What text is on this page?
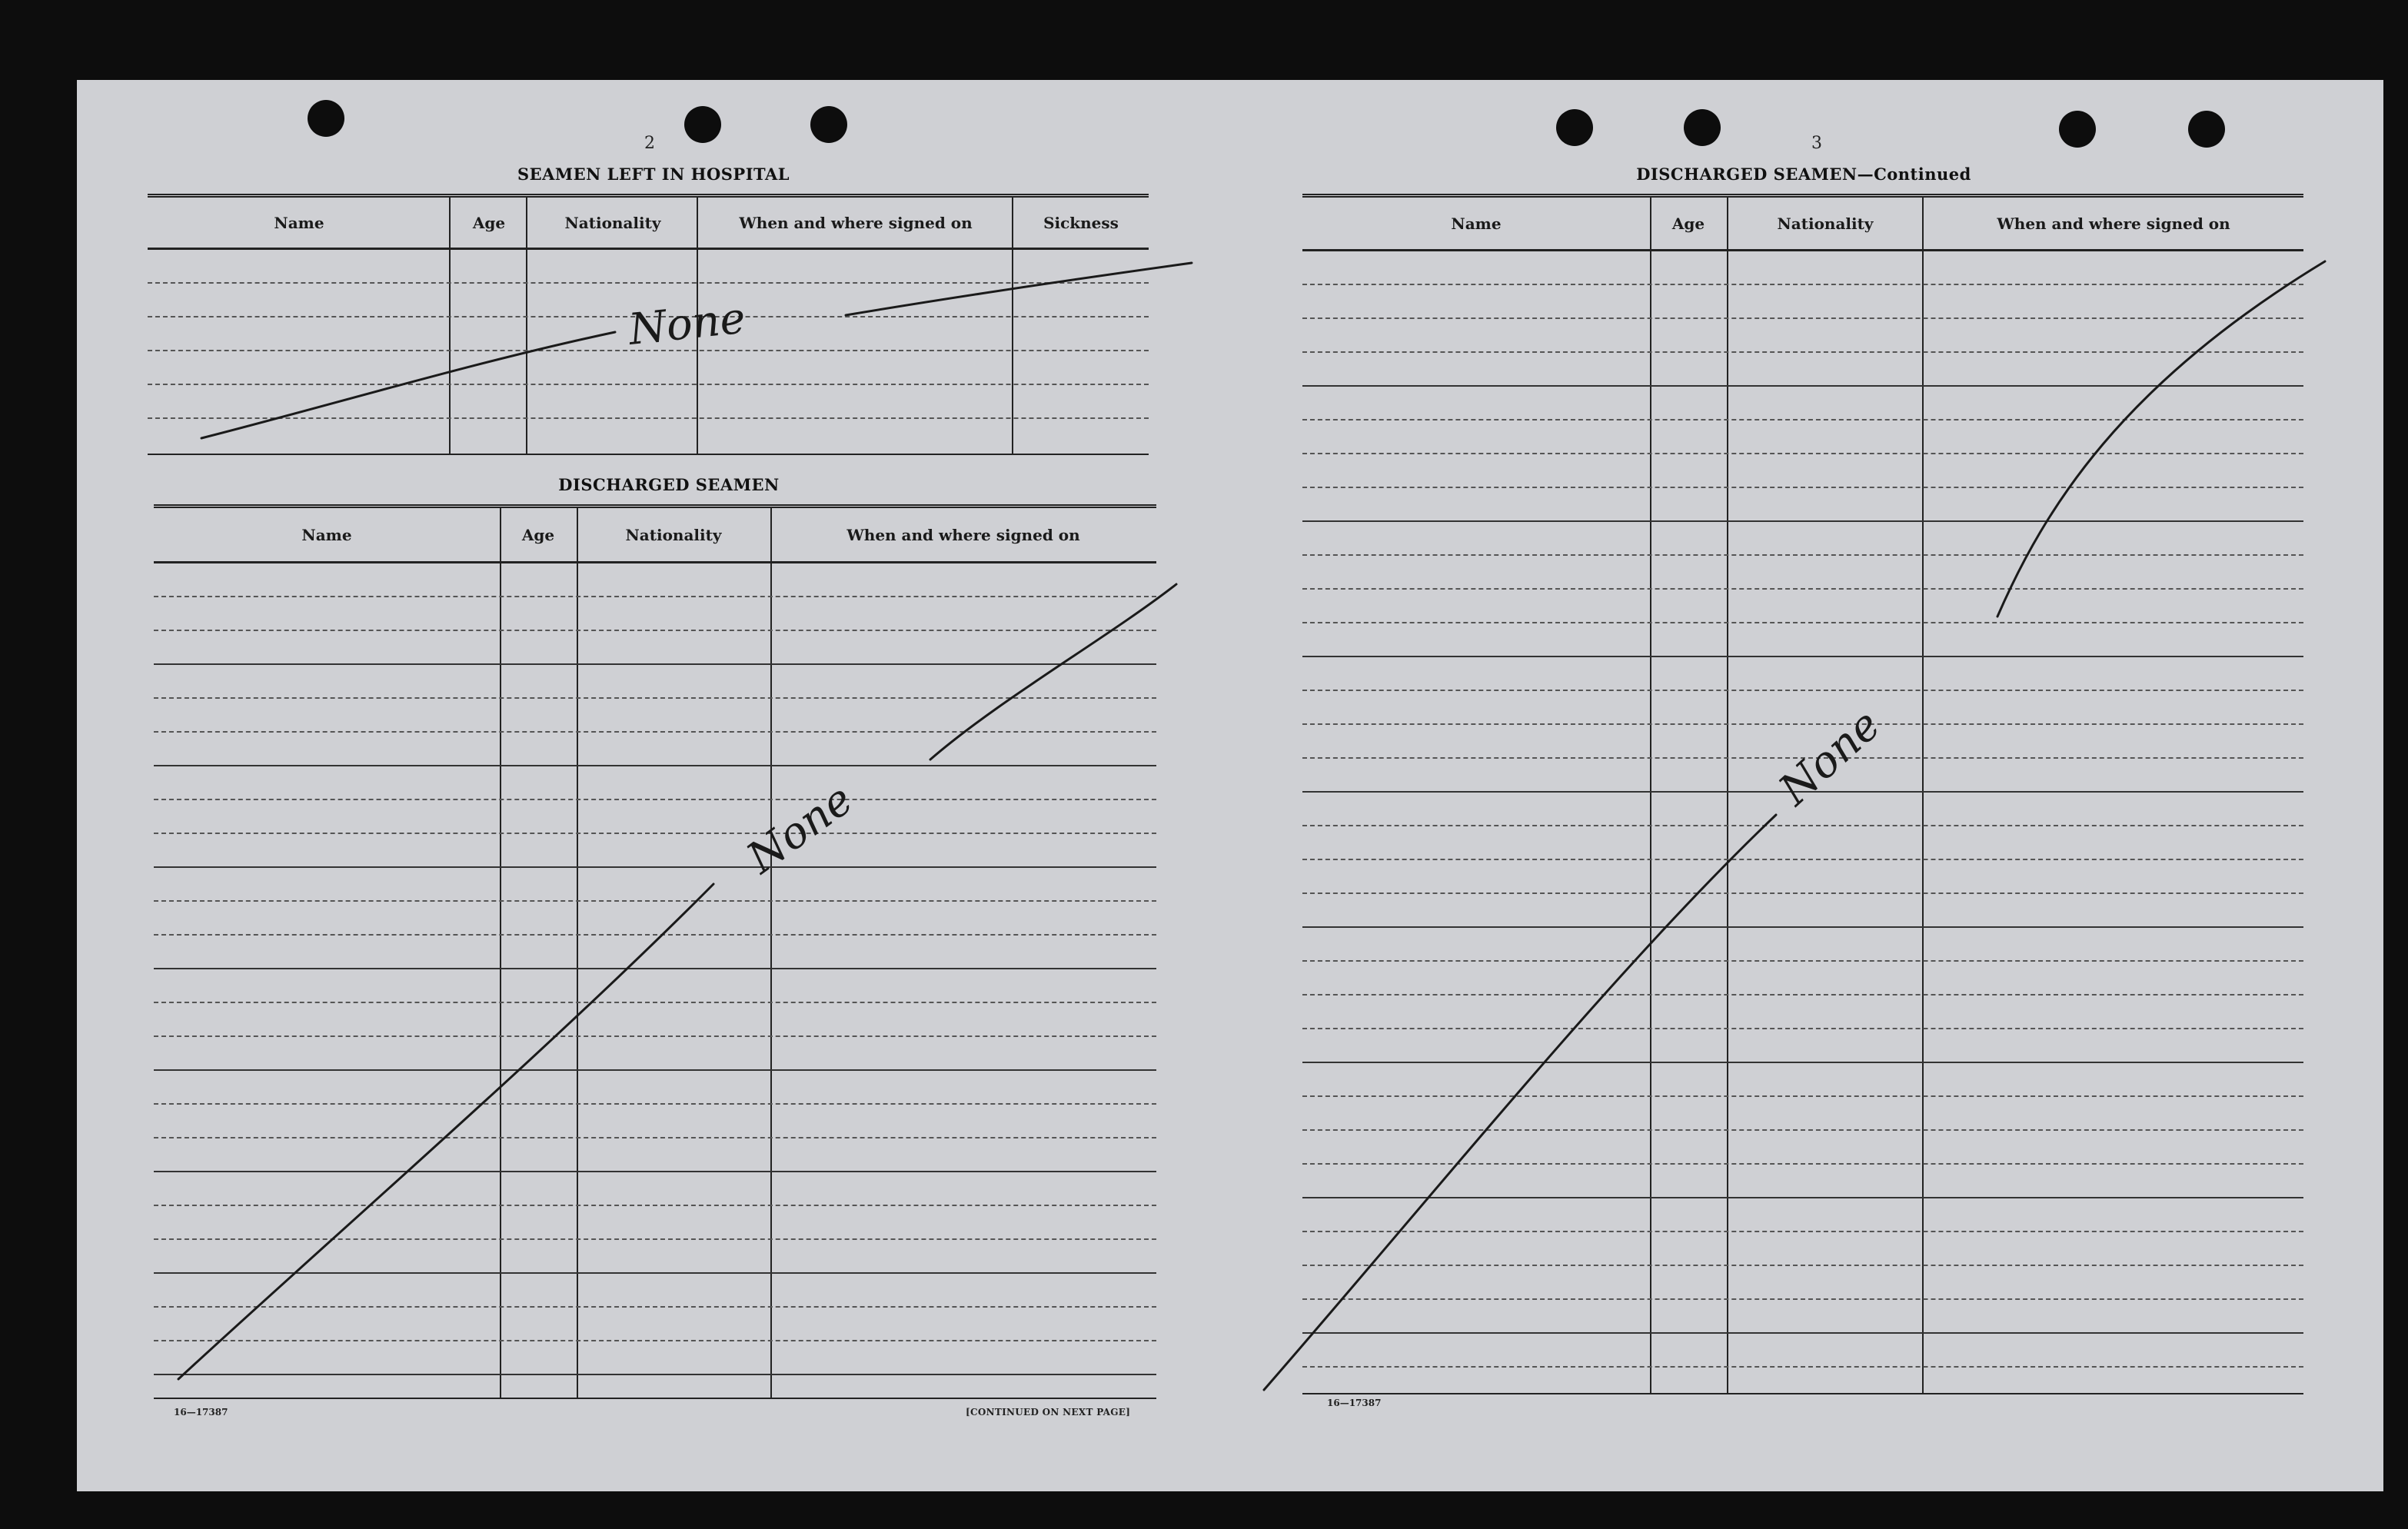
2
SEAMEN LEFT IN HOSPITAL
Name	Age	Nationality	When and where signed on	Sickness
DISCHARGED SEAMEN
Name	Age	Nationality	When and where signed on
16—17387	[CONTINUED ON NEXT PAGE]
3
DISCHARGED SEAMEN—Continued
Name	Age	Nationality	When and where signed on
16—17387
None
None
None
